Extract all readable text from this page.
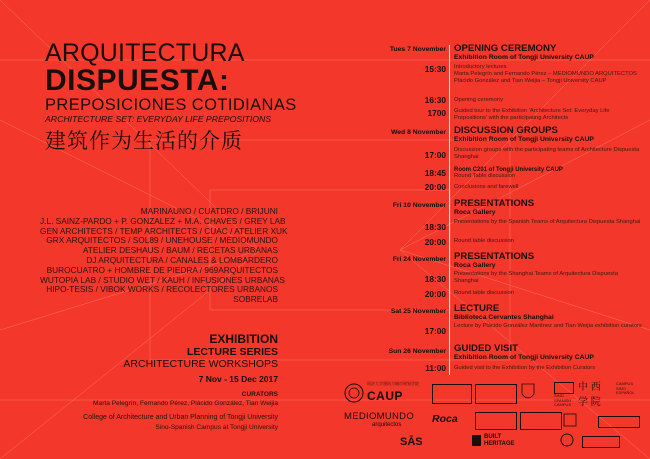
ARQUITECTURA
DISPUESTA:
PREPOSICIONES COTIDIANAS
ARCHITECTURE SET: EVERYDAY LIFE PREPOSITIONS
建筑作为生活的介质
MARINAUNO / CUATDRO / BRIJUNI
J.L. SAINZ-PARDO + P. GONZALEZ + M.A. CHAVES / GREY LAB
GEN ARCHITECTS / TEMP ARCHITECTS / CUAC / ATELIER XUK
GRX ARQUITECTOS / SOL89 / UNEHOUSE / MEDIOMUNDO
ATELIER DESHAUS / BAUM / RECETAS URBANAS
DJ ARQUITECTURA / CANALES & LOMBARDERO
BUROCUATRO + HOMBRE DE PIEDRA / 969ARQUITECTOS
WUTOPIA LAB / STUDIO WET / KAUH / INFUSIONES URBANAS
HIPO-TESIS / VIBOK WORKS / RECOLECTORES URBANOS
SOBRELAB
EXHIBITION
LECTURE SERIES
ARCHITECTURE WORKSHOPS
7 Nov - 15 Dec 2017
CURATORS
Marta Pelegrín, Fernando Pérez, Plácido González, Tian Weijia
College of Architecture and Urban Planning of Tongji University
Sino-Spanish Campus at Tongji University
Tues 7 November OPENING CEREMONY
Exhibition Room of Tongji University CAUP
15:30 Introductory lectures
Marta Pelegrín and Fernando Pérez – MEDIOMUNDO ARQUITECTOS
Plácido González and Tian Weijia – Tongji University CAUP
16:30 Opening ceremony
1700 Guided tour to the Exhibition 'Architecture Set: Everyday Life Prepositions' with the participating Architects
Wed 8 November DISCUSSION GROUPS
Exhibition Room of Tongji University CAUP
17:00 Discussion groups with the participating teams of Architecture Dispuesta Shanghai
18:45 Room C201 of Tongji University CAUP
Round Table discussion
20:00 Conclusions and farewell
Fri 10 November PRESENTATIONS
Roca Gallery
18:30 Presentations by the Spanish Teams of Arquitectura Dispuesta Shanghai
20:00 Round table discussion
Fri 24 November PRESENTATIONS
Roca Gallery
18:30 Presentations by the Shanghai Teams of Arquitectura Dispuesta Shanghai
20:00 Round table discussion
Sat 25 November LECTURE
Biblioteca Cervantes Shanghai
17:00 Lecture by Plácido González Martínez and Tian Weijia exhibition curators
Sun 26 November GUIDED VISIT
Exhibition Room of Tongji University CAUP
11:00 Guided visit to the Exhibition by the Exhibition Curators
同济大学建筑与城市规划学院
CAUP	SINO SPANISH CAMPUS
中 西 学 院
CAMPUS SINO ESPAÑOL
MEDIOMUNDO
arquitectos	Roca
SĀS	BUILT
HERITAGE
